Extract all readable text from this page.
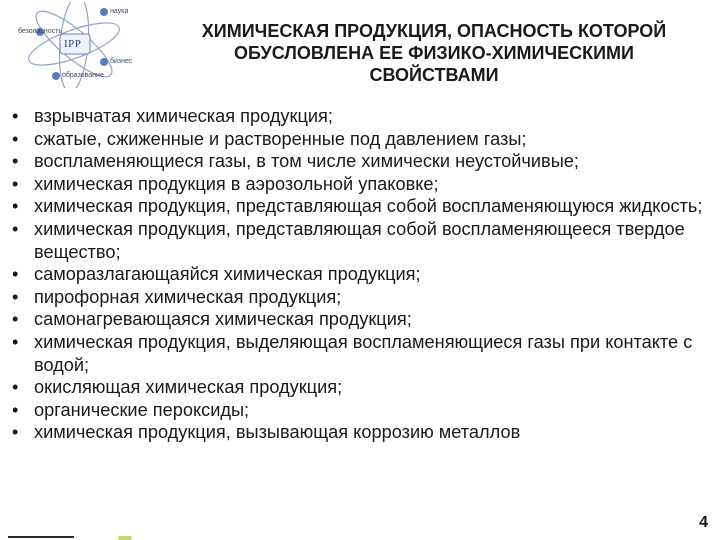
IPP
наука
безопасность
бизнес
образование
ХИМИЧЕСКАЯ ПРОДУКЦИЯ, ОПАСНОСТЬ КОТОРОЙ ОБУСЛОВЛЕНА ЕЕ ФИЗИКО-ХИМИЧЕСКИМИ СВОЙСТВАМИ
• взрывчатая химическая продукция;
• сжатые, сжиженные и растворенные под давлением газы;
• воспламеняющиеся газы, в том числе химически неустойчивые;
• химическая продукция в аэрозольной упаковке;
• химическая продукция, представляющая собой воспламеняющуюся жидкость;
• химическая продукция, представляющая собой воспламеняющееся твердое вещество;
• саморазлагающаяйся химическая продукция;
• пирофорная химическая продукция;
• самонагревающаяся химическая продукция;
• химическая продукция, выделяющая воспламеняющиеся газы при контакте с водой;
• окисляющая химическая продукция;
• органические пероксиды;
• химическая продукция, вызывающая коррозию металлов
4
